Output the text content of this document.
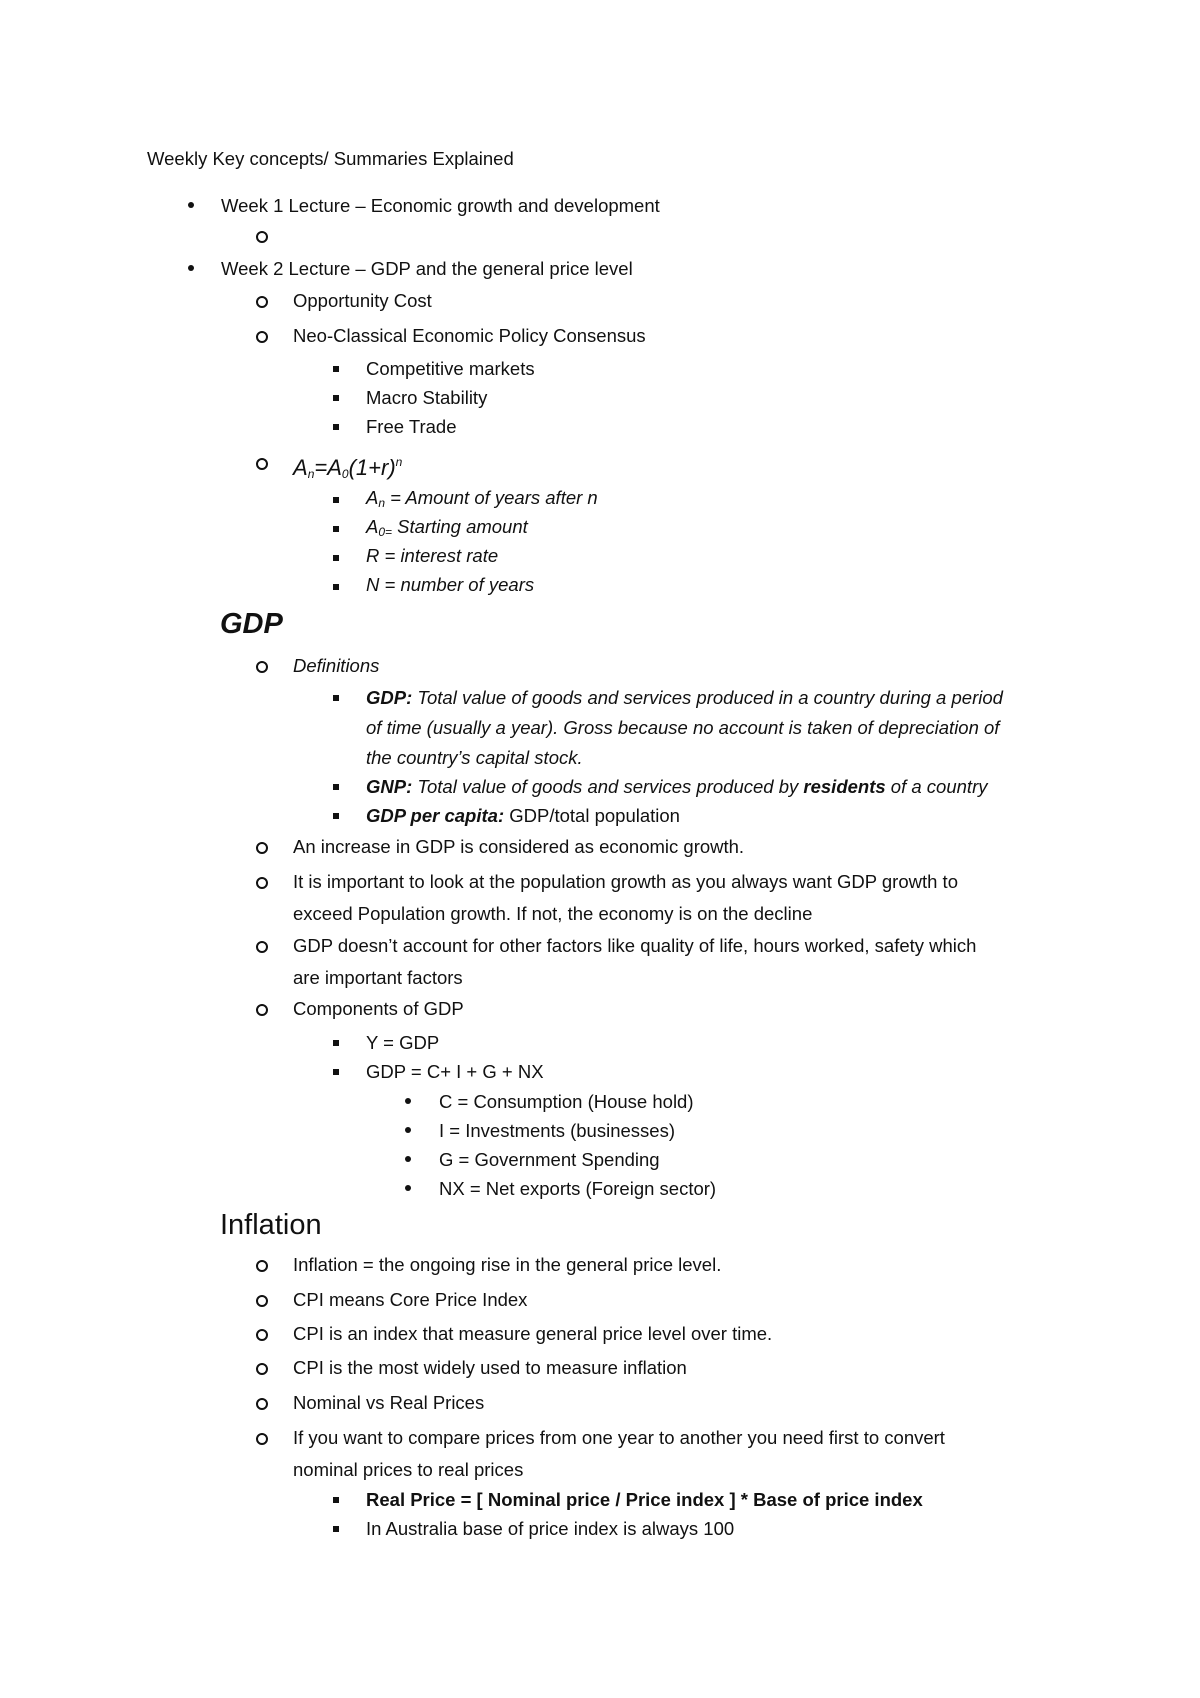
Weekly Key concepts/ Summaries Explained
Week 1 Lecture – Economic growth and development
Week 2 Lecture – GDP and the general price level
Opportunity Cost
Neo-Classical Economic Policy Consensus
Competitive markets
Macro Stability
Free Trade
$A_n=A_0(1+r)^n$
$A_n$ = Amount of years after n
$A_{0=}$ Starting amount
R = interest rate
N = number of years
GDP
Definitions
GDP: Total value of goods and services produced in a country during a period
of time (usually a year). Gross because no account is taken of depreciation of
the country’s capital stock.
GNP: Total value of goods and services produced by residents of a country
GDP per capita: GDP/total population
An increase in GDP is considered as economic growth.
It is important to look at the population growth as you always want GDP growth to
exceed Population growth. If not, the economy is on the decline
GDP doesn’t account for other factors like quality of life, hours worked, safety which
are important factors
Components of GDP
Y = GDP
GDP = C+ I + G + NX
C = Consumption (House hold)
I = Investments (businesses)
G = Government Spending
NX = Net exports (Foreign sector)
Inflation
Inflation = the ongoing rise in the general price level.
CPI means Core Price Index
CPI is an index that measure general price level over time.
CPI is the most widely used to measure inflation
Nominal vs Real Prices
If you want to compare prices from one year to another you need first to convert
nominal prices to real prices
Real Price = [ Nominal price / Price index ] * Base of price index
In Australia base of price index is always 100
